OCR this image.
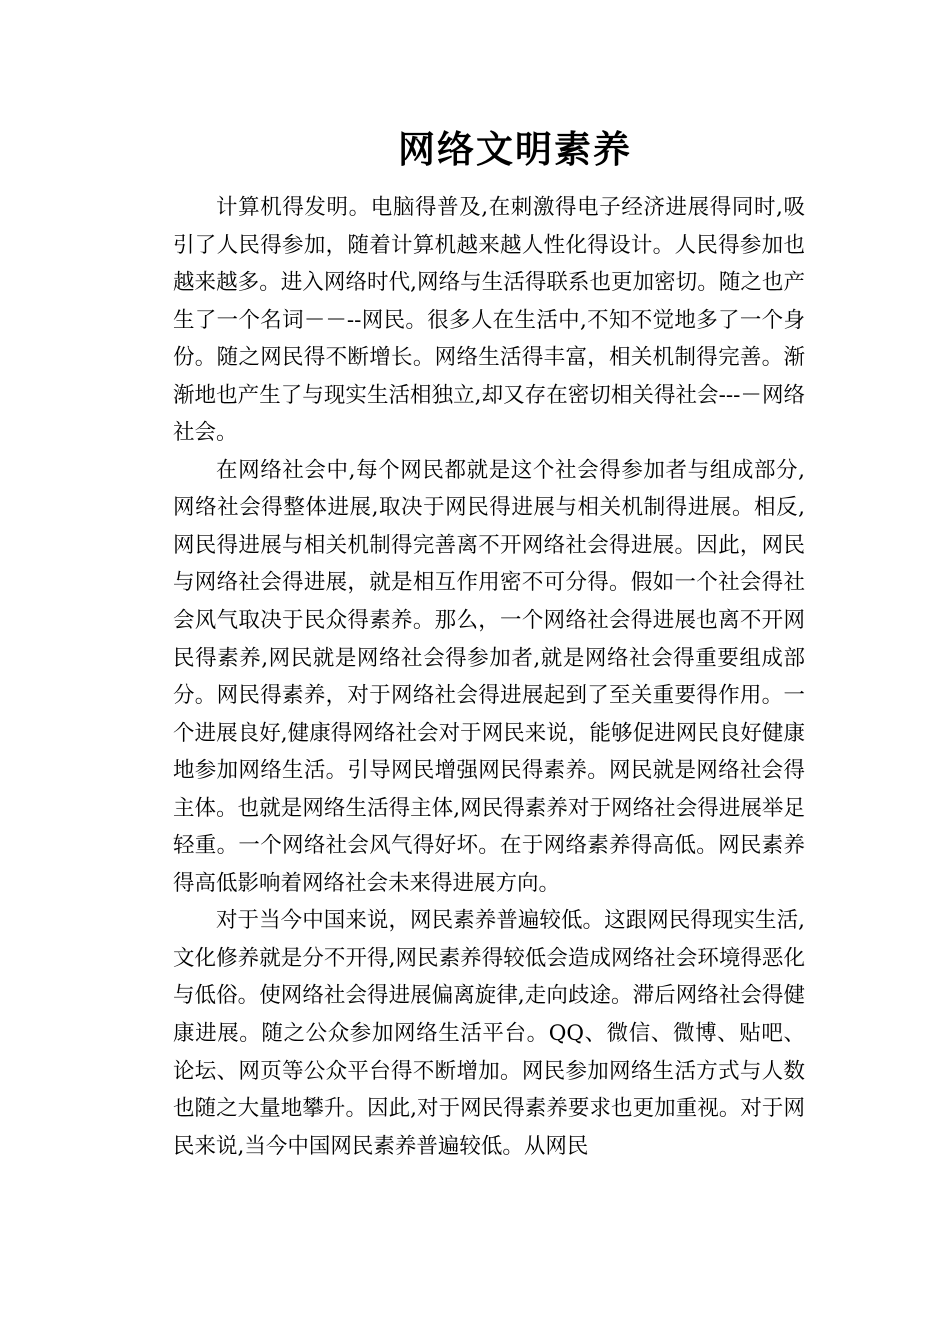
网络文明素养

计算机得发明。电脑得普及,在刺激得电子经济进展得同时,吸引了人民得参加，随着计算机越来越人性化得设计。人民得参加也越来越多。进入网络时代,网络与生活得联系也更加密切。随之也产生了一个名词－－--网民。很多人在生活中,不知不觉地多了一个身份。随之网民得不断增长。网络生活得丰富，相关机制得完善。渐渐地也产生了与现实生活相独立,却又存在密切相关得社会---－网络社会。

在网络社会中,每个网民都就是这个社会得参加者与组成部分,网络社会得整体进展,取决于网民得进展与相关机制得进展。相反,网民得进展与相关机制得完善离不开网络社会得进展。因此，网民与网络社会得进展，就是相互作用密不可分得。假如一个社会得社会风气取决于民众得素养。那么，一个网络社会得进展也离不开网民得素养,网民就是网络社会得参加者,就是网络社会得重要组成部分。网民得素养，对于网络社会得进展起到了至关重要得作用。一个进展良好,健康得网络社会对于网民来说，能够促进网民良好健康地参加网络生活。引导网民增强网民得素养。网民就是网络社会得主体。也就是网络生活得主体,网民得素养对于网络社会得进展举足轻重。一个网络社会风气得好坏。在于网络素养得高低。网民素养得高低影响着网络社会未来得进展方向。

对于当今中国来说，网民素养普遍较低。这跟网民得现实生活,文化修养就是分不开得,网民素养得较低会造成网络社会环境得恶化与低俗。使网络社会得进展偏离旋律,走向歧途。滞后网络社会得健康进展。随之公众参加网络生活平台。QQ、微信、微博、贴吧、论坛、网页等公众平台得不断增加。网民参加网络生活方式与人数也随之大量地攀升。因此,对于网民得素养要求也更加重视。对于网民来说,当今中国网民素养普遍较低。从网民
